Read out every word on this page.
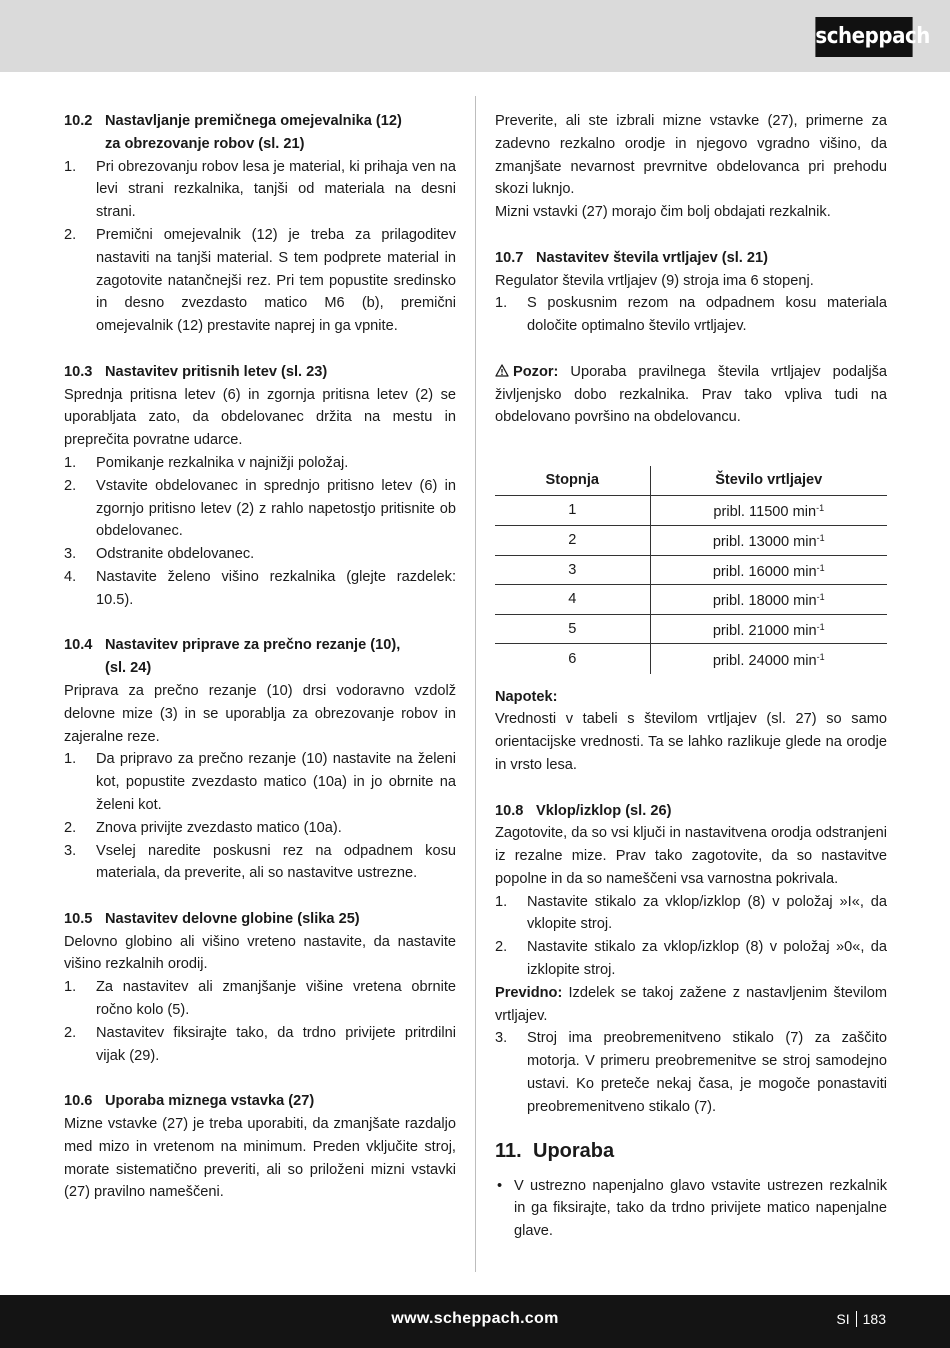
scheppach
10.2 Nastavljanje premičnega omejevalnika (12)
za obrezovanje robov (sl. 21)
1.	Pri obrezovanju robov lesa je material, ki prihaja ven na levi strani rezkalnika, tanjši od materiala na desni strani.
2.	Premični omejevalnik (12) je treba za prilagoditev nastaviti na tanjši material. S tem podprete material in zagotovite natančnejši rez. Pri tem popustite sredinsko in desno zvezdasto matico M6 (b), premični omejevalnik (12) prestavite naprej in ga vpnite.
10.3 Nastavitev pritisnih letev (sl. 23)
Sprednja pritisna letev (6) in zgornja pritisna letev (2) se uporabljata zato, da obdelovanec držita na mestu in preprečita povratne udarce.
1.	Pomikanje rezkalnika v najnižji položaj.
2.	Vstavite obdelovanec in sprednjo pritisno letev (6) in zgornjo pritisno letev (2) z rahlo napetostjo pritisnite ob obdelovanec.
3.	Odstranite obdelovanec.
4.	Nastavite želeno višino rezkalnika (glejte razdelek: 10.5).
10.4 Nastavitev priprave za prečno rezanje (10),
(sl. 24)
Priprava za prečno rezanje (10) drsi vodoravno vzdolž delovne mize (3) in se uporablja za obrezovanje robov in zajeralne reze.
1.	Da pripravo za prečno rezanje (10) nastavite na želeni kot, popustite zvezdasto matico (10a) in jo obrnite na želeni kot.
2.	Znova privijte zvezdasto matico (10a).
3.	Vselej naredite poskusni rez na odpadnem kosu materiala, da preverite, ali so nastavitve ustrezne.
10.5 Nastavitev delovne globine (slika 25)
Delovno globino ali višino vreteno nastavite, da nastavite višino rezkalnih orodij.
1.	Za nastavitev ali zmanjšanje višine vretena obrnite ročno kolo (5).
2.	Nastavitev fiksirajte tako, da trdno privijete pritrdilni vijak (29).
10.6 Uporaba miznega vstavka (27)
Mizne vstavke (27) je treba uporabiti, da zmanjšate razdaljo med mizo in vretenom na minimum. Preden vključite stroj, morate sistematično preveriti, ali so priloženi mizni vstavki (27) pravilno nameščeni.
Preverite, ali ste izbrali mizne vstavke (27), primerne za zadevno rezkalno orodje in njegovo vgradno višino, da zmanjšate nevarnost prevrnitve obdelovanca pri prehodu skozi luknjo.
Mizni vstavki (27) morajo čim bolj obdajati rezkalnik.
10.7 Nastavitev števila vrtljajev (sl. 21)
Regulator števila vrtljajev (9) stroja ima 6 stopenj.
1.	S poskusnim rezom na odpadnem kosu materiala določite optimalno število vrtljajev.
Pozor: Uporaba pravilnega števila vrtljajev podaljša življenjsko dobo rezkalnika. Prav tako vpliva tudi na obdelovano površino na obdelovancu.
Stopnja	Število vrtljajev
1	pribl. 11500 $\min^{-1}$
2	pribl. 13000 $\min^{-1}$
3	pribl. 16000 $\min^{-1}$
4	pribl. 18000 $\min^{-1}$
5	pribl. 21000 $\min^{-1}$
6	pribl. 24000 $\min^{-1}$
Napotek:
Vrednosti v tabeli s številom vrtljajev (sl. 27) so samo orientacijske vrednosti. Ta se lahko razlikuje glede na orodje in vrsto lesa.
10.8 Vklop/izklop (sl. 26)
Zagotovite, da so vsi ključi in nastavitvena orodja odstranjeni iz rezalne mize. Prav tako zagotovite, da so nastavitve popolne in da so nameščeni vsa varnostna pokrivala.
1.	Nastavite stikalo za vklop/izklop (8) v položaj »I«, da vklopite stroj.
2.	Nastavite stikalo za vklop/izklop (8) v položaj »0«, da izklopite stroj.
Previdno: Izdelek se takoj zažene z nastavljenim številom vrtljajev.
3.	Stroj ima preobremenitveno stikalo (7) za zaščito motorja. V primeru preobremenitve se stroj samodejno ustavi. Ko preteče nekaj časa, je mogoče ponastaviti preobremenitveno stikalo (7).
11. Uporaba
• V ustrezno napenjalno glavo vstavite ustrezen rezkalnik in ga fiksirajte, tako da trdno privijete matico napenjalne glave.
www.scheppach.com	SI 183
